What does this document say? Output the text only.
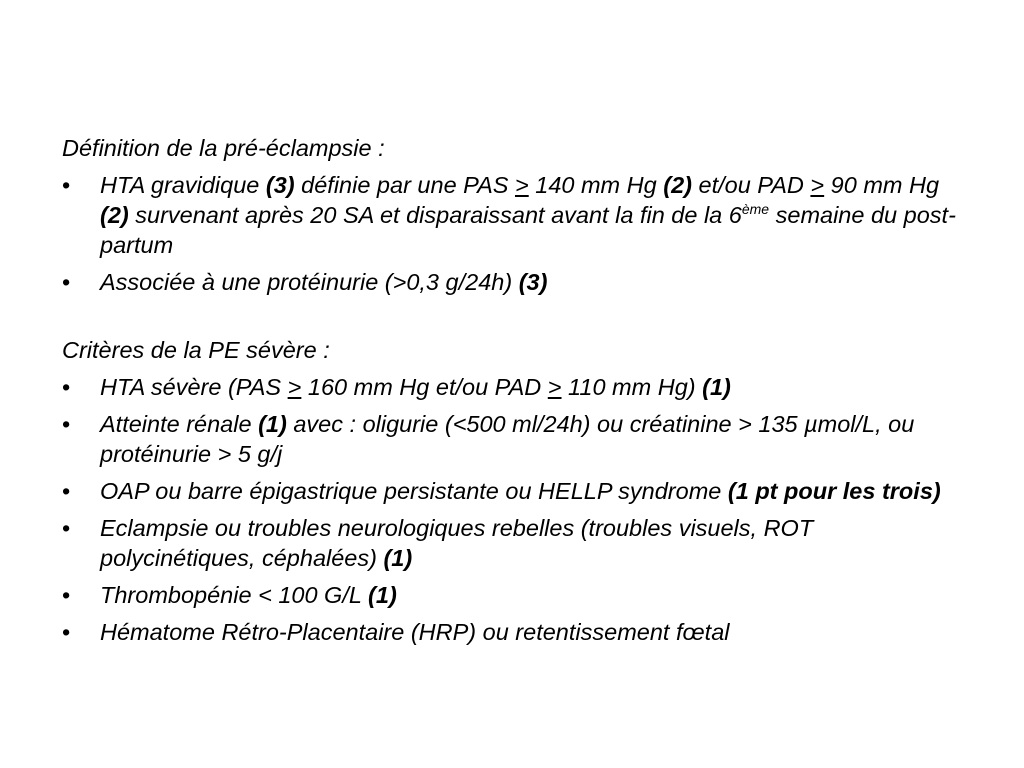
Définition de la pré-éclampsie :

• HTA gravidique (3) définie par une PAS ≥ 140 mm Hg (2) et/ou PAD ≥ 90 mm Hg (2) survenant après 20 SA et disparaissant avant la fin de la 6ème semaine du post-partum
• Associée à une protéinurie (>0,3 g/24h) (3)

Critères de la PE sévère :

• HTA sévère (PAS ≥ 160 mm Hg et/ou PAD ≥ 110 mm Hg) (1)
• Atteinte rénale (1) avec : oligurie (<500 ml/24h) ou créatinine > 135 µmol/L, ou protéinurie > 5 g/j
• OAP ou barre épigastrique persistante ou HELLP syndrome (1 pt pour les trois)
• Eclampsie ou troubles neurologiques rebelles (troubles visuels, ROT polycinétiques, céphalées) (1)
• Thrombopénie < 100 G/L (1)
• Hématome Rétro-Placentaire (HRP) ou retentissement fœtal
